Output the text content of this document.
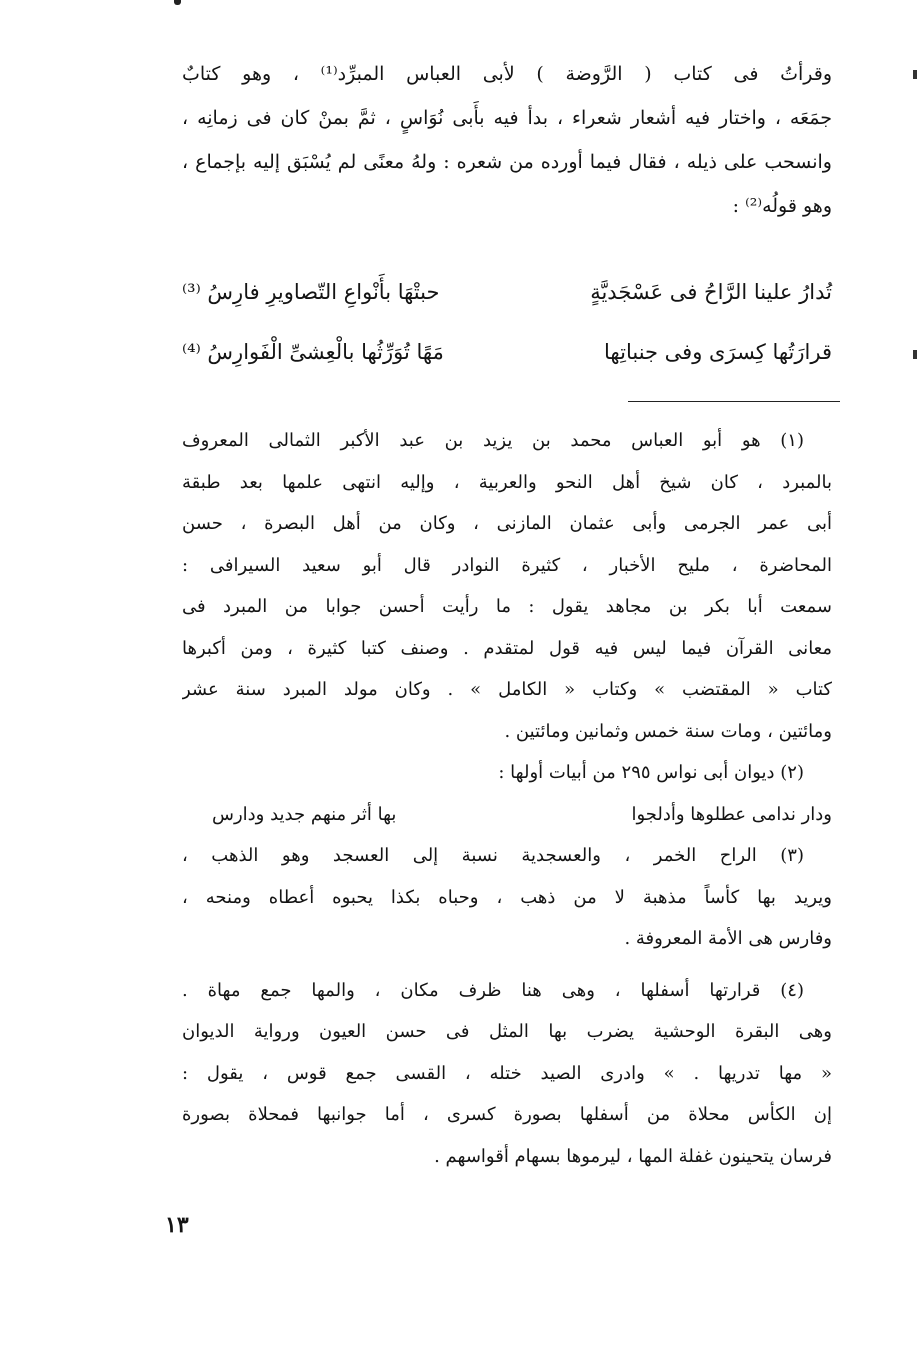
وقرأتُ فى كتاب ( الرَّوضة ) لأبى العباس المبرِّد⁽¹⁾ ، وهو كتابٌ
جمَعَه ، واختار فيه أشعار شعراء ، بدأ فيه بأَبى نُوَاسٍ ، ثمَّ بمنْ كان فى زمانِه ،
وانسحب على ذيله ، فقال فيما أورده من شعره : ولهُ معنًى لم يُسْبَق إليه بإجماع ،
وهو قولُه⁽²⁾ :
تُدارُ علينا الرَّاحُ فى عَسْجَديَّةٍ
حبتْهَا بأَنْواعِ التّصاويرِ فارِسُ ⁽³⁾
قرارَتُها كِسرَى وفى جنباتِها
مَهًا تُوَرِّثُها بالْعِشىِّ الْفَوارِسُ ⁽⁴⁾
(١) هو أبو العباس محمد بن يزيد بن عبد الأكبر الثمالى المعروف
بالمبرد ، كان شيخ أهل النحو والعربية ، وإليه انتهى علمها بعد طبقة
أبى عمر الجرمى وأبى عثمان المازنى ، وكان من أهل البصرة ، حسن
المحاضرة ، مليح الأخبار ، كثيرة النوادر قال أبو سعيد السيرافى :
سمعت أبا بكر بن مجاهد يقول : ما رأيت أحسن جوابا من المبرد فى
معانى القرآن فيما ليس فيه قول لمتقدم . وصنف كتبا كثيرة ، ومن أكبرها
كتاب « المقتضب » وكتاب « الكامل » . وكان مولد المبرد سنة عشر
ومائتين ، ومات سنة خمس وثمانين ومائتين .
(٢) ديوان أبى نواس ٢٩٥ من أبيات أولها :
ودار ندامى عطلوها وأدلجوا
بها أثر منهم جديد ودارس
(٣) الراح الخمر ، والعسجدية نسبة إلى العسجد وهو الذهب ،
ويريد بها كأساً مذهبة لا من ذهب ، وحباه بكذا يحبوه أعطاه ومنحه ،
وفارس هى الأمة المعروفة .
(٤) قرارتها أسفلها ، وهى هنا ظرف مكان ، والمها جمع مهاة .
وهى البقرة الوحشية يضرب بها المثل فى حسن العيون ورواية الديوان
« مها تدريها . » وادرى الصيد ختله ، القسى جمع قوس ، يقول :
إن الكأس محلاة من أسفلها بصورة كسرى ، أما جوانبها فمحلاة بصورة
فرسان يتحينون غفلة المها ، ليرموها بسهام أقواسهم .
١٣
